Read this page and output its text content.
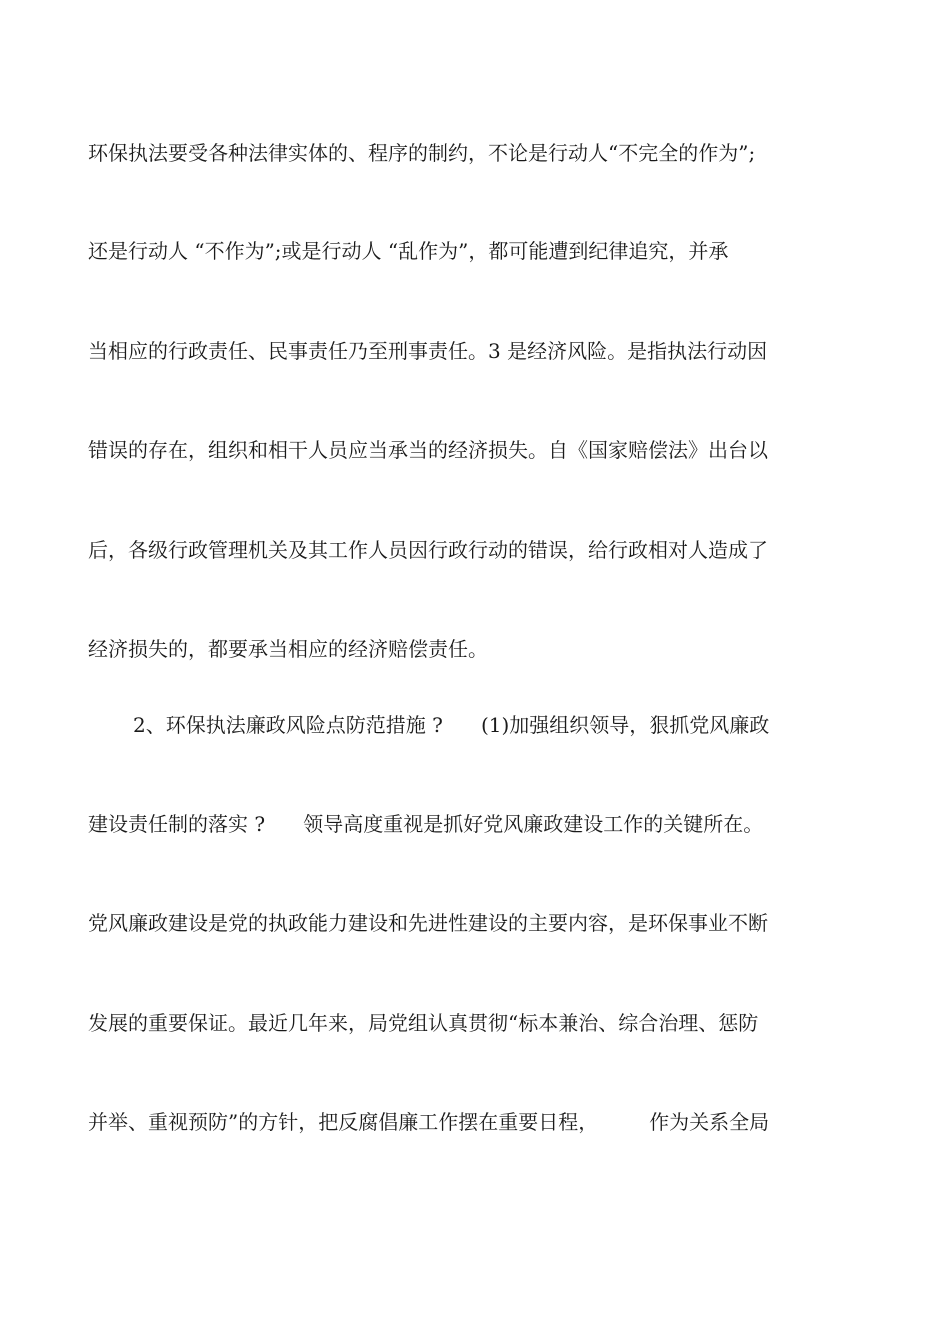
环保执法要受各种法律实体的、程序的制约，不论是行动人“不完全的作为”;
还是行动人 “不作为”;或是行动人 “乱作为”，都可能遭到纪律追究，并承
当相应的行政责任、民事责任乃至刑事责任。3 是经济风险。是指执法行动因
错误的存在，组织和相干人员应当承当的经济损失。自《国家赔偿法》出台以
后，各级行政管理机关及其工作人员因行政行动的错误，给行政相对人造成了
经济损失的，都要承当相应的经济赔偿责任。
2、环保执法廉政风险点防范措施 ?      (1)加强组织领导，狠抓党风廉政
建设责任制的落实 ?      领导高度重视是抓好党风廉政建设工作的关键所在。
党风廉政建设是党的执政能力建设和先进性建设的主要内容，是环保事业不断
发展的重要保证。最近几年来，局党组认真贯彻“标本兼治、综合治理、惩防
并举、重视预防”的方针，把反腐倡廉工作摆在重要日程，        作为关系全局
